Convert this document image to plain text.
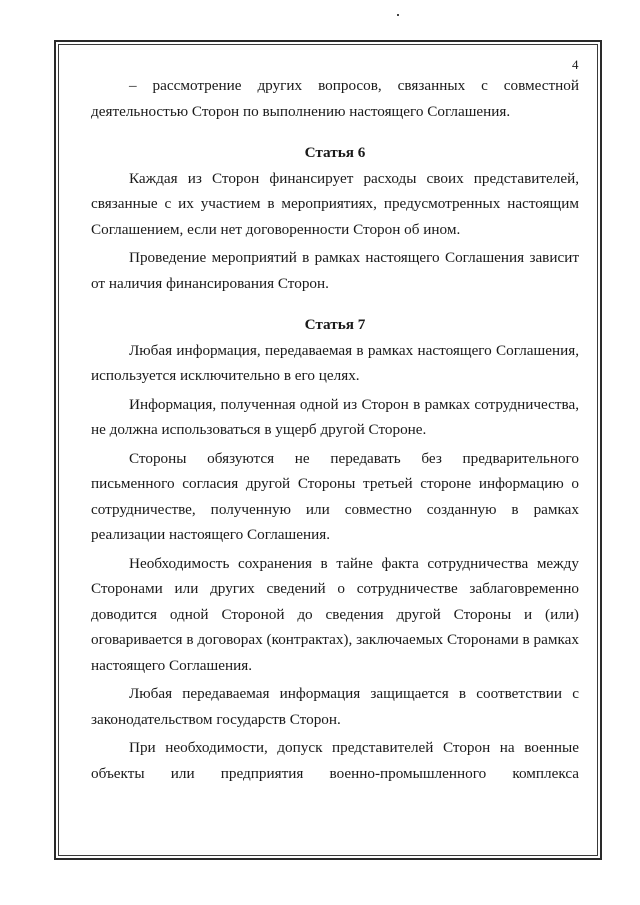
4

– рассмотрение других вопросов, связанных с совместной деятельностью Сторон по выполнению настоящего Соглашения.

Статья 6

Каждая из Сторон финансирует расходы своих представителей, связанные с их участием в мероприятиях, предусмотренных настоящим Соглашением, если нет договоренности Сторон об ином.

Проведение мероприятий в рамках настоящего Соглашения зависит от наличия финансирования Сторон.

Статья 7

Любая информация, передаваемая в рамках настоящего Соглашения, используется исключительно в его целях.

Информация, полученная одной из Сторон в рамках сотрудничества, не должна использоваться в ущерб другой Стороне.

Стороны обязуются не передавать без предварительного письменного согласия другой Стороны третьей стороне информацию о сотрудничестве, полученную или совместно созданную в рамках реализации настоящего Соглашения.

Необходимость сохранения в тайне факта сотрудничества между Сторонами или других сведений о сотрудничестве заблаговременно доводится одной Стороной до сведения другой Стороны и (или) оговаривается в договорах (контрактах), заключаемых Сторонами в рамках настоящего Соглашения.

Любая передаваемая информация защищается в соответствии с законодательством государств Сторон.

При необходимости, допуск представителей Сторон на военные объекты или предприятия военно-промышленного комплекса
